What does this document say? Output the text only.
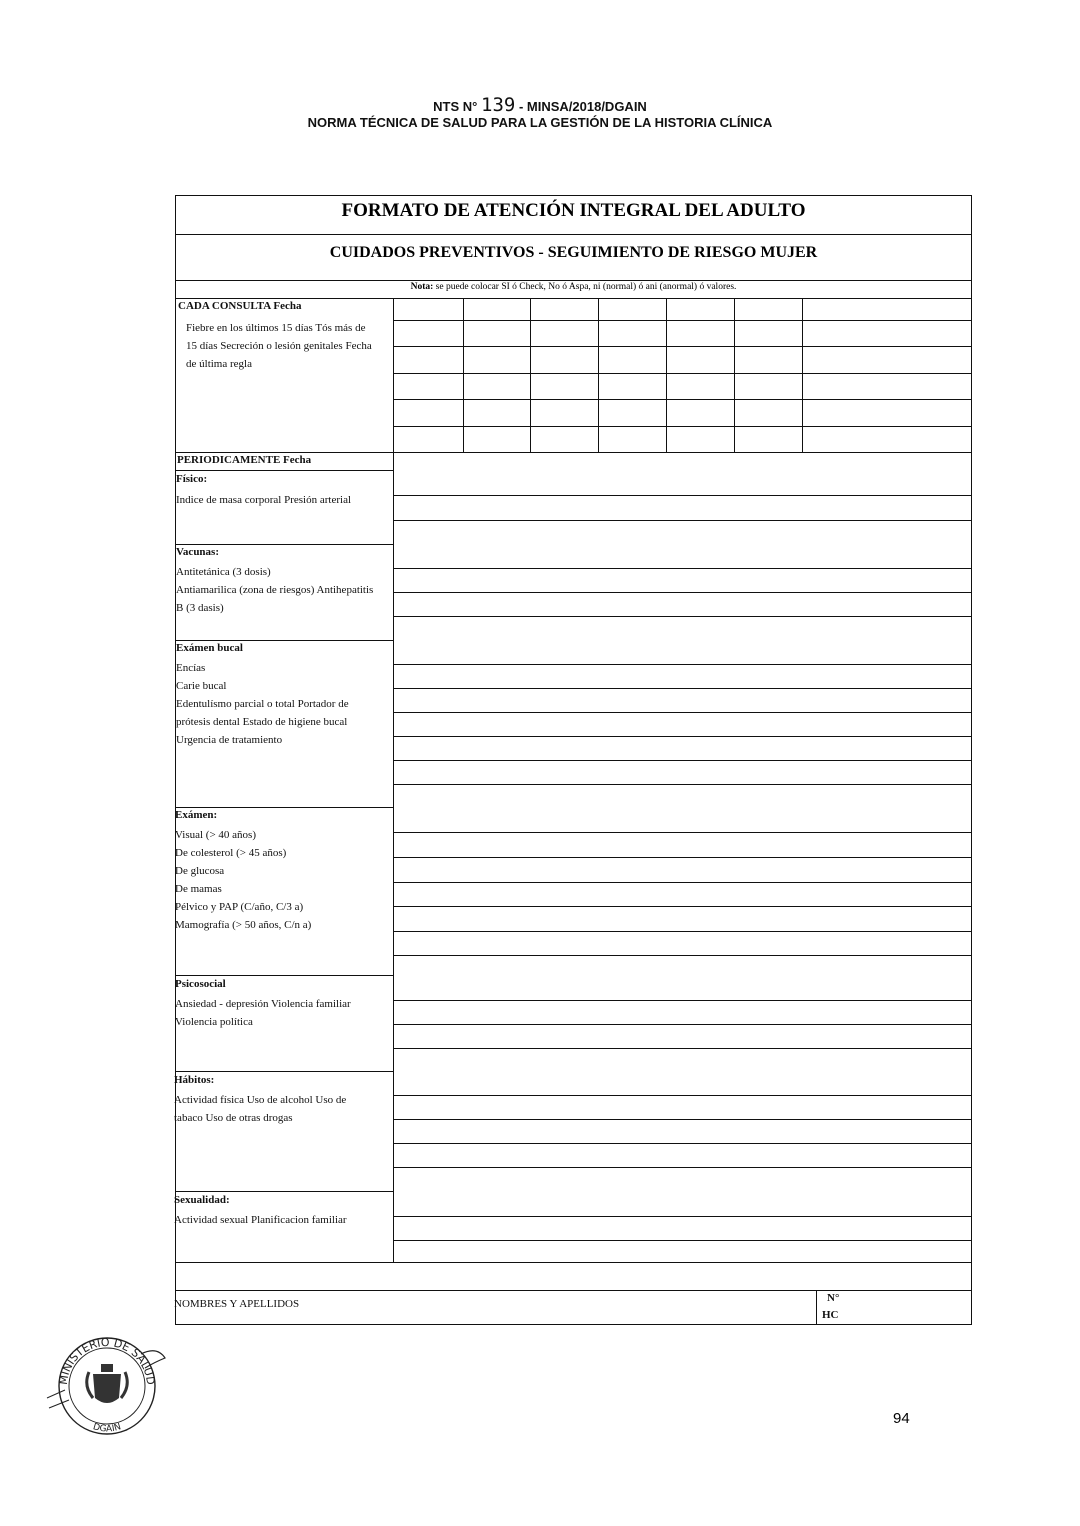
NTS N° 139 - MINSA/2018/DGAIN
NORMA TÉCNICA DE SALUD PARA LA GESTIÓN DE LA HISTORIA CLÍNICA
FORMATO DE ATENCIÓN INTEGRAL DEL ADULTO
CUIDADOS PREVENTIVOS - SEGUIMIENTO DE RIESGO MUJER
Nota: se puede colocar SI ó Check, No ó Aspa, ni (normal) ó ani (anormal) ó valores.
CADA CONSULTA Fecha
Fiebre en los últimos 15 días Tós más de
15 días Secreción o lesión genitales Fecha
de última regla
PERIODICAMENTE Fecha
Físico:
Indice de masa corporal Presión arterial
Vacunas:
Antitetánica (3 dosis)
Antiamarilica (zona de riesgos) Antihepatitis
B (3 dasis)
Exámen bucal
Encías
Carie bucal
Edentulísmo parcial o total Portador de
prótesis dental Estado de higiene bucal
Urgencia de tratamiento
Exámen:
Visual (> 40 años)
De colesterol (> 45 años)
De glucosa
De mamas
Pélvico y PAP (C/año, C/3 a)
Mamografía (> 50 años, C/n a)
Psicosocial
Ansiedad - depresión Violencia familiar
Violencia política
Hábitos:
Actividad física Uso de alcohol Uso de
tabaco Uso de otras drogas
Sexualidad:
Actividad sexual Planificacion familiar
NOMBRES Y APELLIDOS	N°
HC
MINISTERIO DE SALUD
DGAIN
94
